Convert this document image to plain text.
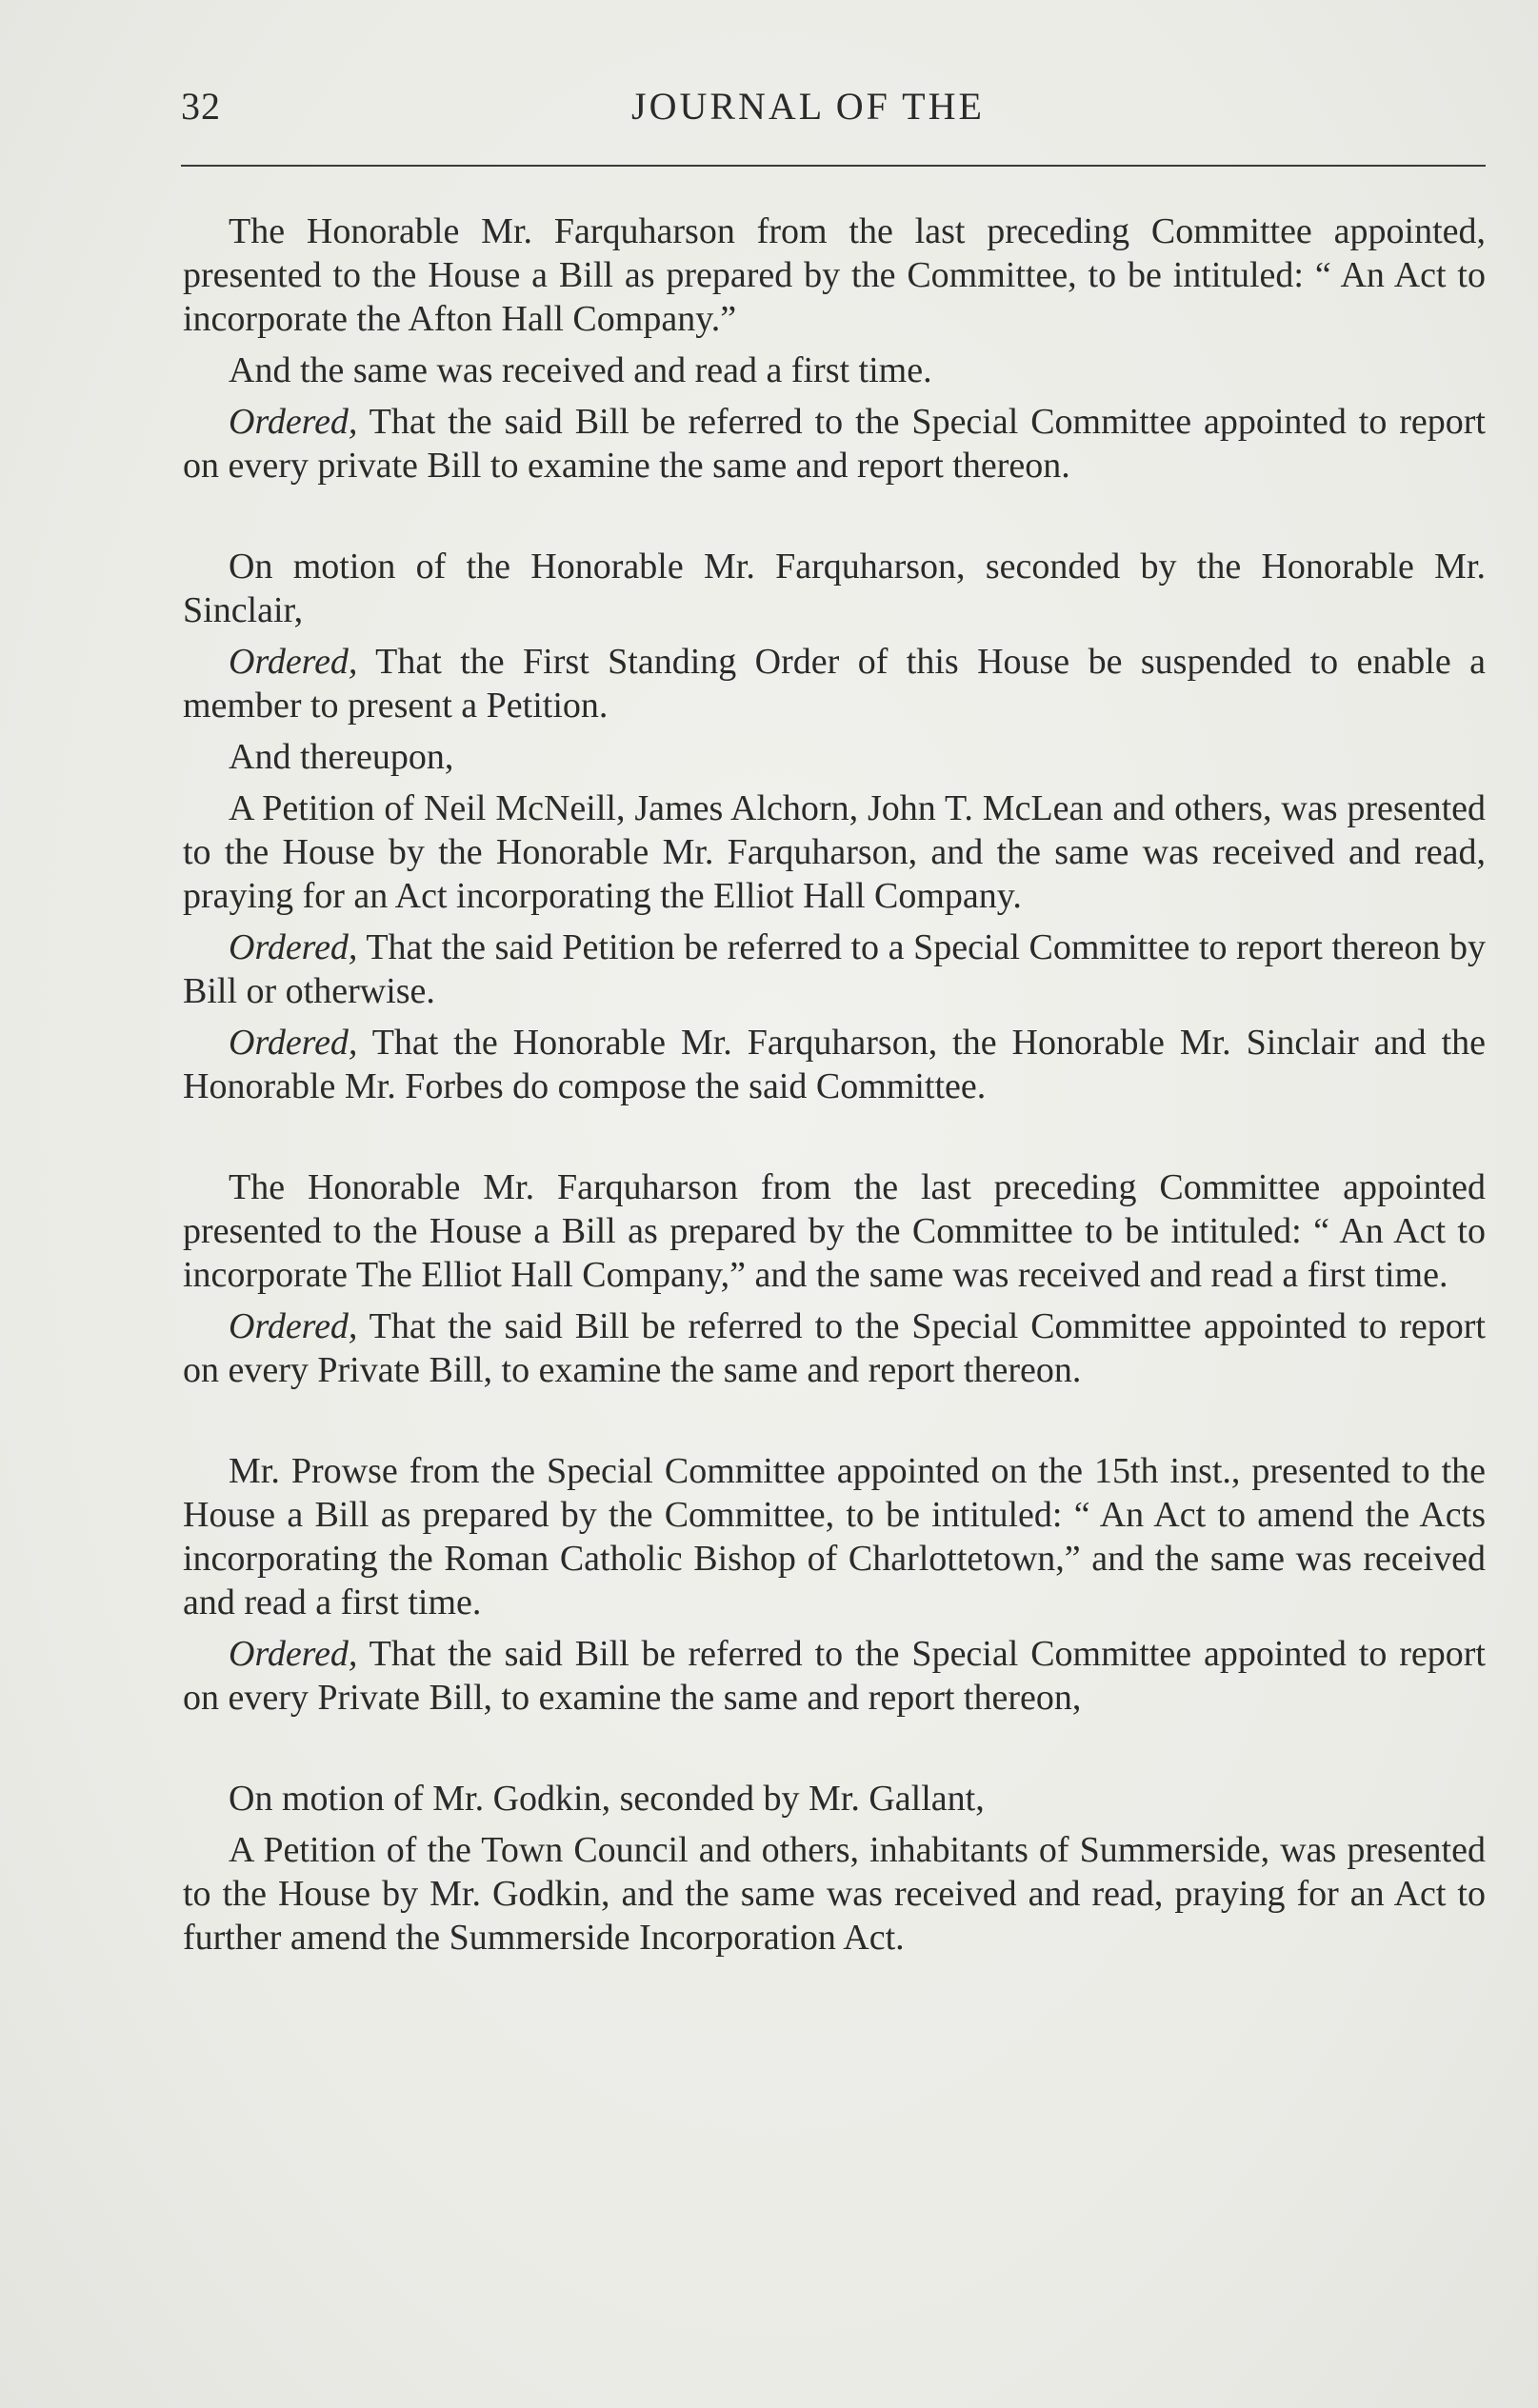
32	JOURNAL OF THE

The Honorable Mr. Farquharson from the last preceding Committee appointed, presented to the House a Bill as prepared by the Committee, to be intituled: “ An Act to incorporate the Afton Hall Company.”

And the same was received and read a first time.

Ordered, That the said Bill be referred to the Special Committee appointed to report on every private Bill to examine the same and report thereon.

On motion of the Honorable Mr. Farquharson, seconded by the Honorable Mr. Sinclair,

Ordered, That the First Standing Order of this House be suspended to enable a member to present a Petition.

And thereupon,

A Petition of Neil McNeill, James Alchorn, John T. McLean and others, was presented to the House by the Honorable Mr. Farquharson, and the same was received and read, praying for an Act incorporating the Elliot Hall Company.

Ordered, That the said Petition be referred to a Special Committee to report thereon by Bill or otherwise.

Ordered, That the Honorable Mr. Farquharson, the Honorable Mr. Sinclair and the Honorable Mr. Forbes do compose the said Committee.

The Honorable Mr. Farquharson from the last preceding Committee appointed presented to the House a Bill as prepared by the Committee to be intituled: “ An Act to incorporate The Elliot Hall Company,” and the same was received and read a first time.

Ordered, That the said Bill be referred to the Special Committee appointed to report on every Private Bill, to examine the same and report thereon.

Mr. Prowse from the Special Committee appointed on the 15th inst., presented to the House a Bill as prepared by the Committee, to be intituled: “ An Act to amend the Acts incorporating the Roman Catholic Bishop of Charlottetown,” and the same was received and read a first time.

Ordered, That the said Bill be referred to the Special Committee appointed to report on every Private Bill, to examine the same and report thereon,

On motion of Mr. Godkin, seconded by Mr. Gallant,

A Petition of the Town Council and others, inhabitants of Summerside, was presented to the House by Mr. Godkin, and the same was received and read, praying for an Act to further amend the Summerside Incorporation Act.
